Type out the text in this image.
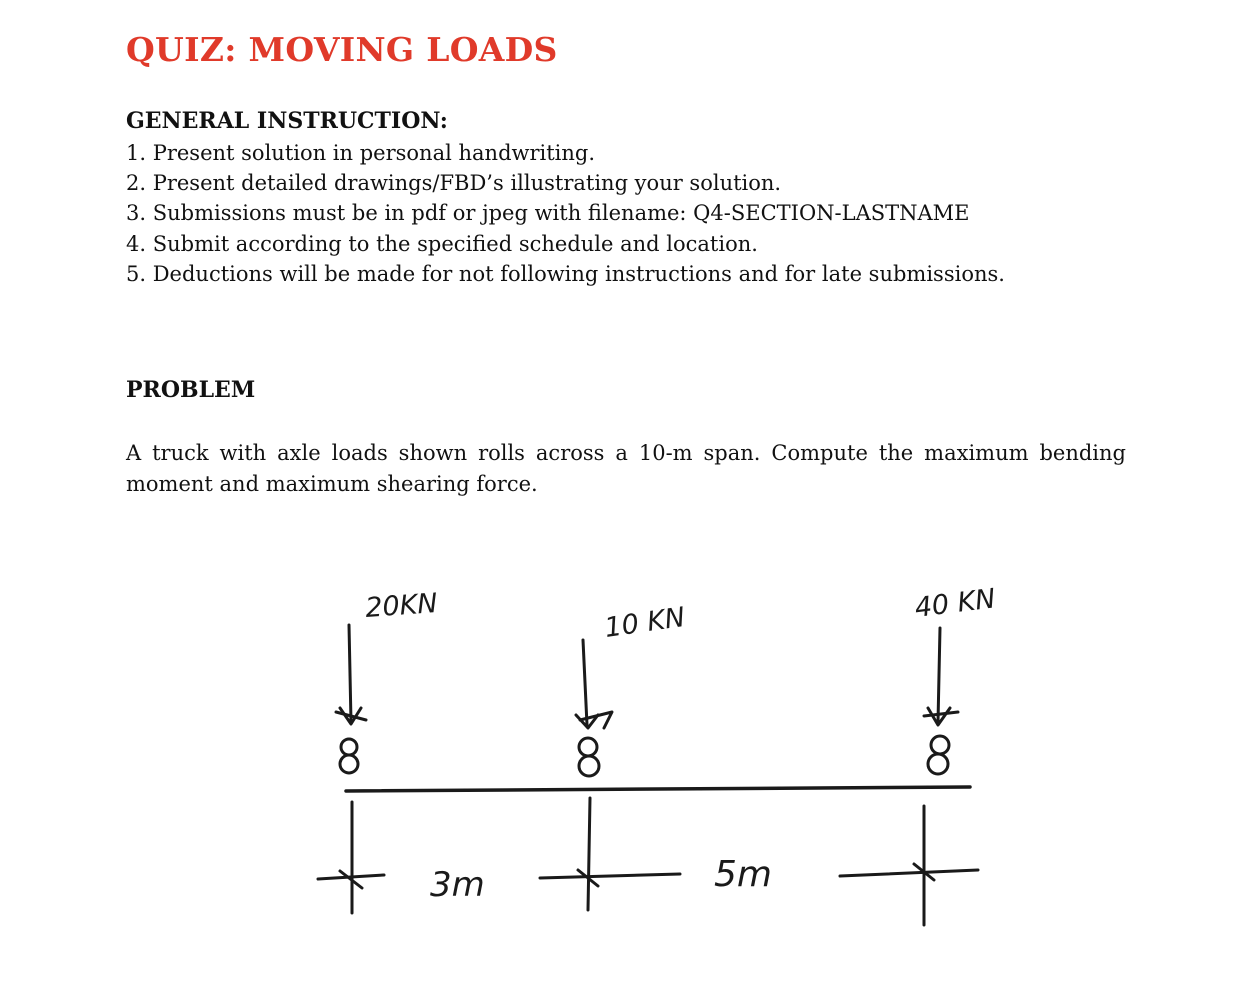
QUIZ: MOVING LOADS
GENERAL INSTRUCTION:
1. Present solution in personal handwriting.
2. Present detailed drawings/FBD’s illustrating your solution.
3. Submissions must be in pdf or jpeg with filename: Q4-SECTION-LASTNAME
4. Submit according to the specified schedule and location.
5. Deductions will be made for not following instructions and for late submissions.
PROBLEM

A truck with axle loads shown rolls across a 10-m span. Compute the maximum bending moment and maximum shearing force.

20KN	10 KN	40 KN
3m	5m
